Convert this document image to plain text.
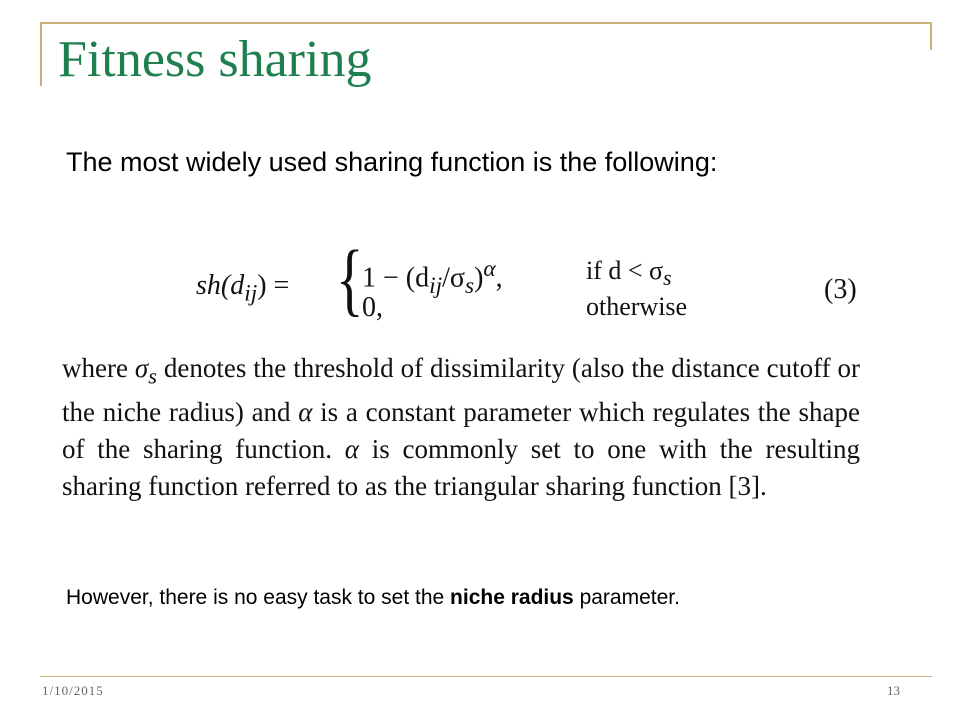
Fitness sharing
The most widely used sharing function is the following:
$sh(d_{ij})$ = {
$1 - (d_{ij}/\sigma_s)^\alpha$,
0,
if $d < \sigma_s$
otherwise
(3)
where $\sigma_s$ denotes the threshold of dissimilarity (also the distance cutoff or the niche radius) and α is a constant parameter which regulates the shape of the sharing function. α is commonly set to one with the resulting sharing function referred to as the triangular sharing function [3].
However, there is no easy task to set the niche radius parameter.
1/10/2015	13
